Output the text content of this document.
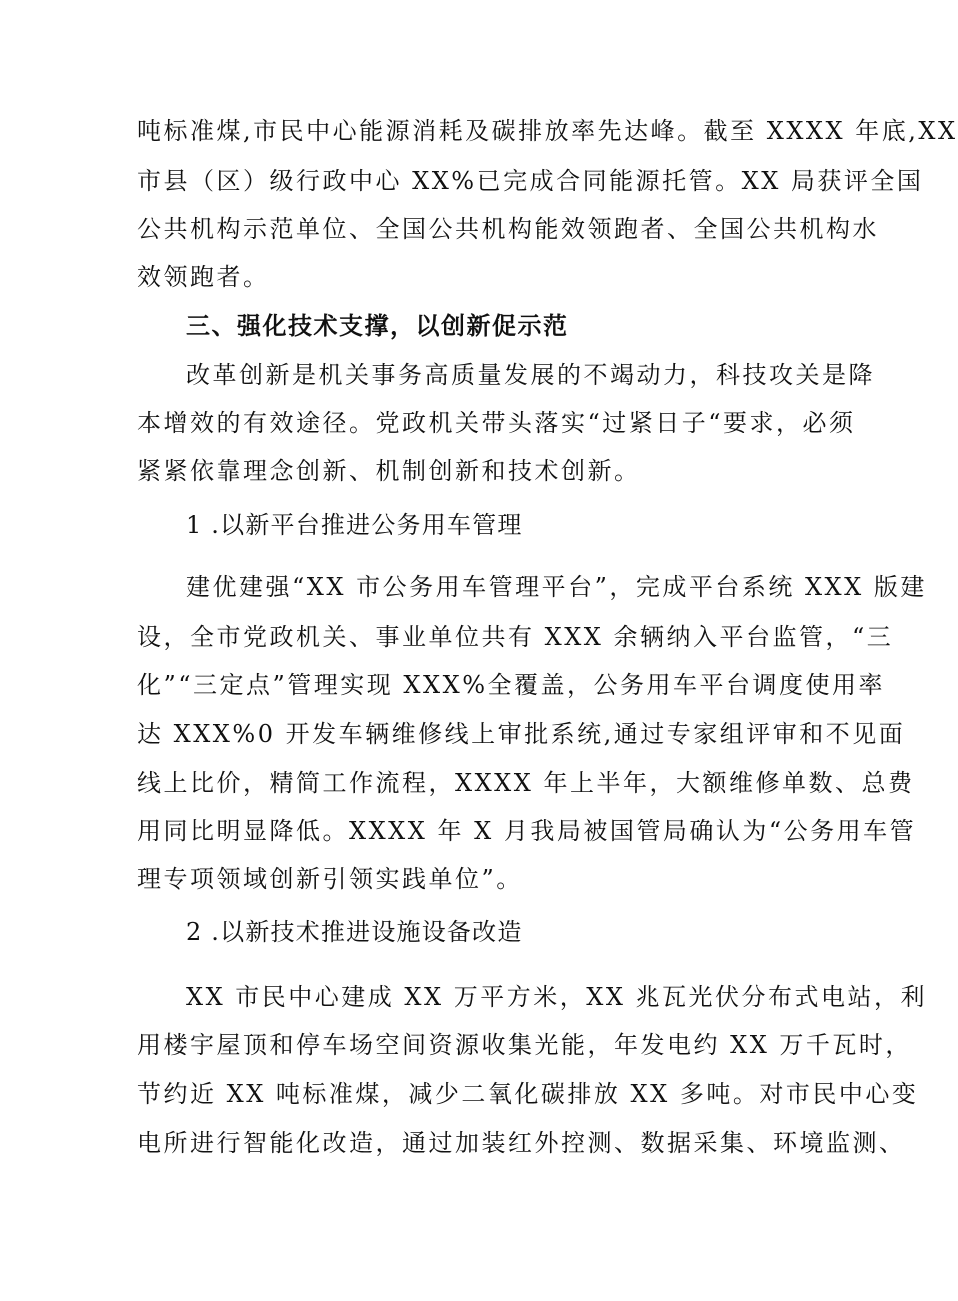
吨标准煤,市民中心能源消耗及碳排放率先达峰。截至 XXXX 年底,XX
市县（区）级行政中心 XX%已完成合同能源托管。XX 局获评全国
公共机构示范单位、全国公共机构能效领跑者、全国公共机构水
效领跑者。
三、强化技术支撑，以创新促示范
改革创新是机关事务高质量发展的不竭动力，科技攻关是降
本增效的有效途径。党政机关带头落实“过紧日子“要求，必须
紧紧依靠理念创新、机制创新和技术创新。
1 .以新平台推进公务用车管理
建优建强“XX 市公务用车管理平台”，完成平台系统 XXX 版建
设，全市党政机关、事业单位共有 XXX 余辆纳入平台监管，“三
化”“三定点”管理实现 XXX%全覆盖，公务用车平台调度使用率
达 XXX%0 开发车辆维修线上审批系统,通过专家组评审和不见面
线上比价，精简工作流程，XXXX 年上半年，大额维修单数、总费
用同比明显降低。XXXX 年 X 月我局被国管局确认为“公务用车管
理专项领域创新引领实践单位”。
2 .以新技术推进设施设备改造
XX 市民中心建成 XX 万平方米，XX 兆瓦光伏分布式电站，利
用楼宇屋顶和停车场空间资源收集光能，年发电约 XX 万千瓦时，
节约近 XX 吨标准煤，减少二氧化碳排放 XX 多吨。对市民中心变
电所进行智能化改造，通过加装红外控测、数据采集、环境监测、
